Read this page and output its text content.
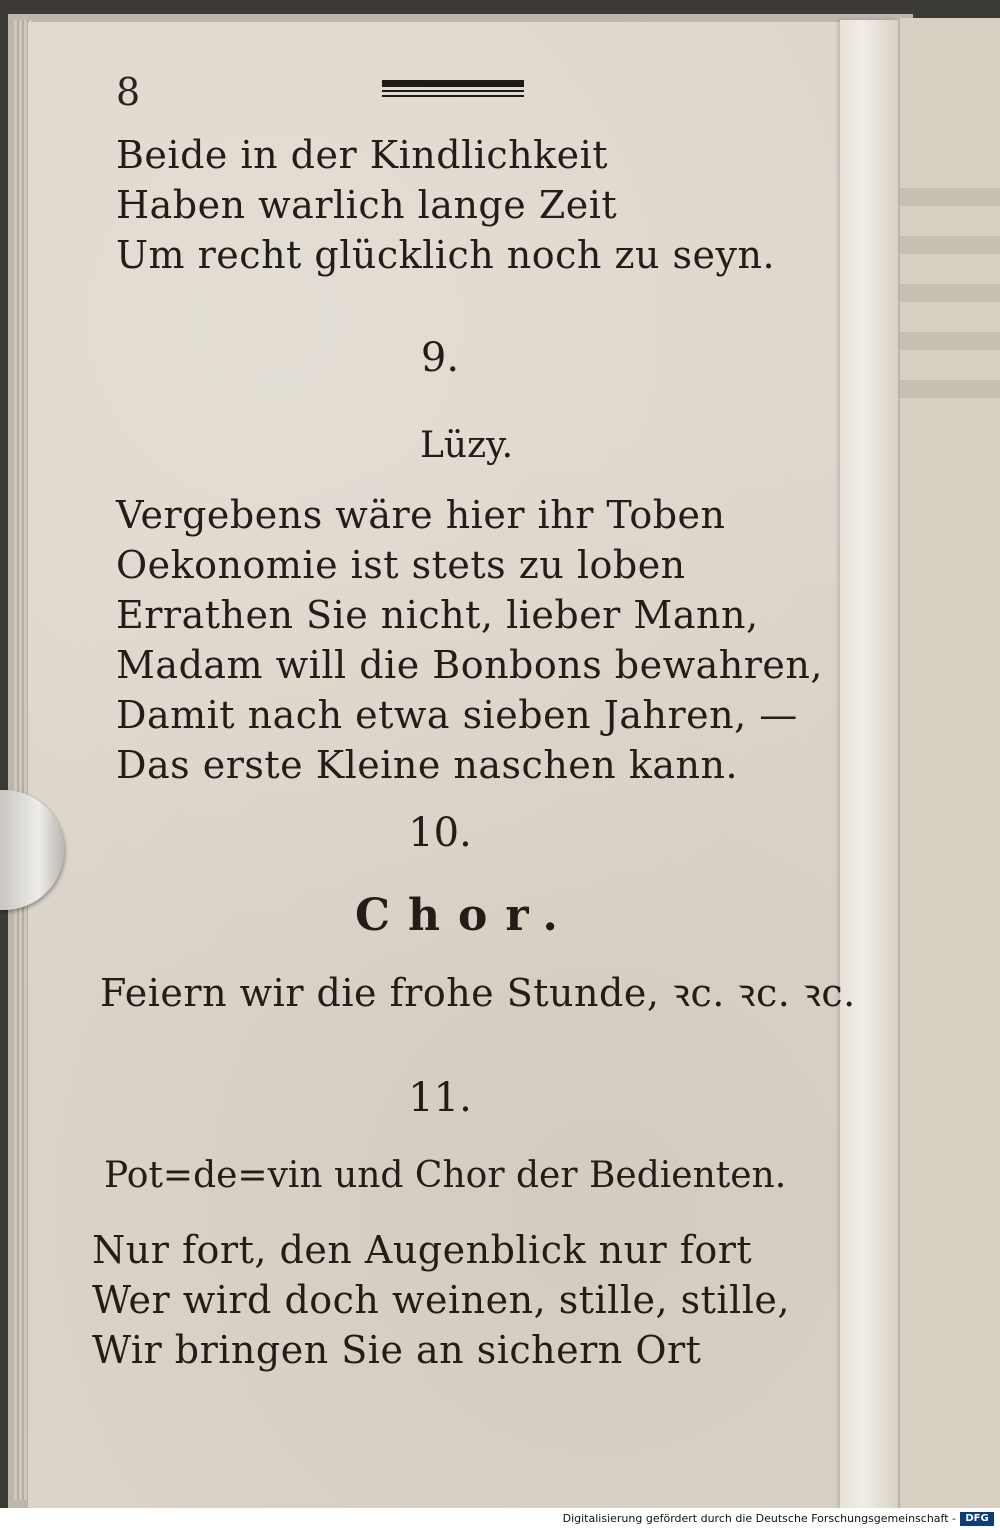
8
Beide in der Kindlichkeit
Haben warlich lange Zeit
Um recht glücklich noch zu seyn.
9.
Lüzy.
Vergebens wäre hier ihr Toben
Oekonomie ist stets zu loben
Errathen Sie nicht, lieber Mann,
Madam will die Bonbons bewahren,
Damit nach etwa sieben Jahren, —
Das erste Kleine naschen kann.
10.
Chor.
Feiern wir die frohe Stunde, ꝛc. ꝛc. ꝛc.
11.
Pot=de=vin und Chor der Bedienten.
Nur fort, den Augenblick nur fort
Wer wird doch weinen, stille, stille,
Wir bringen Sie an sichern Ort
Digitalisierung gefördert durch die Deutsche Forschungsgemeinschaft - DFG
